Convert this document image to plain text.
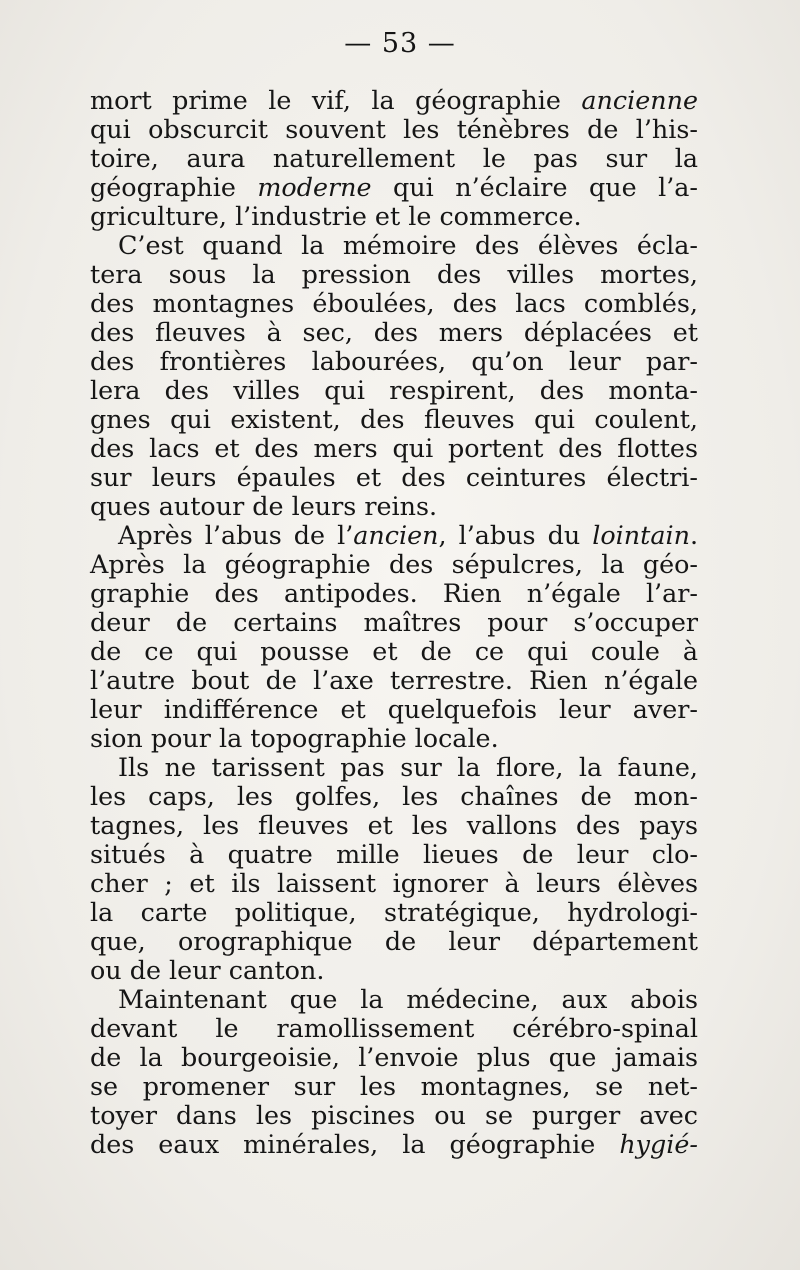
— 53 —
mort prime le vif, la géographie ancienne
qui obscurcit souvent les ténèbres de l’his-
toire, aura naturellement le pas sur la
géographie moderne qui n’éclaire que l’a-
griculture, l’industrie et le commerce.
C’est quand la mémoire des élèves écla-
tera sous la pression des villes mortes,
des montagnes éboulées, des lacs comblés,
des fleuves à sec, des mers déplacées et
des frontières labourées, qu’on leur par-
lera des villes qui respirent, des monta-
gnes qui existent, des fleuves qui coulent,
des lacs et des mers qui portent des flottes
sur leurs épaules et des ceintures électri-
ques autour de leurs reins.
Après l’abus de l’ancien, l’abus du lointain.
Après la géographie des sépulcres, la géo-
graphie des antipodes. Rien n’égale l’ar-
deur de certains maîtres pour s’occuper
de ce qui pousse et de ce qui coule à
l’autre bout de l’axe terrestre. Rien n’égale
leur indifférence et quelquefois leur aver-
sion pour la topographie locale.
Ils ne tarissent pas sur la flore, la faune,
les caps, les golfes, les chaînes de mon-
tagnes, les fleuves et les vallons des pays
situés à quatre mille lieues de leur clo-
cher ; et ils laissent ignorer à leurs élèves
la carte politique, stratégique, hydrologi-
que, orographique de leur département
ou de leur canton.
Maintenant que la médecine, aux abois
devant le ramollissement cérébro-spinal
de la bourgeoisie, l’envoie plus que jamais
se promener sur les montagnes, se net-
toyer dans les piscines ou se purger avec
des eaux minérales, la géographie hygié-
